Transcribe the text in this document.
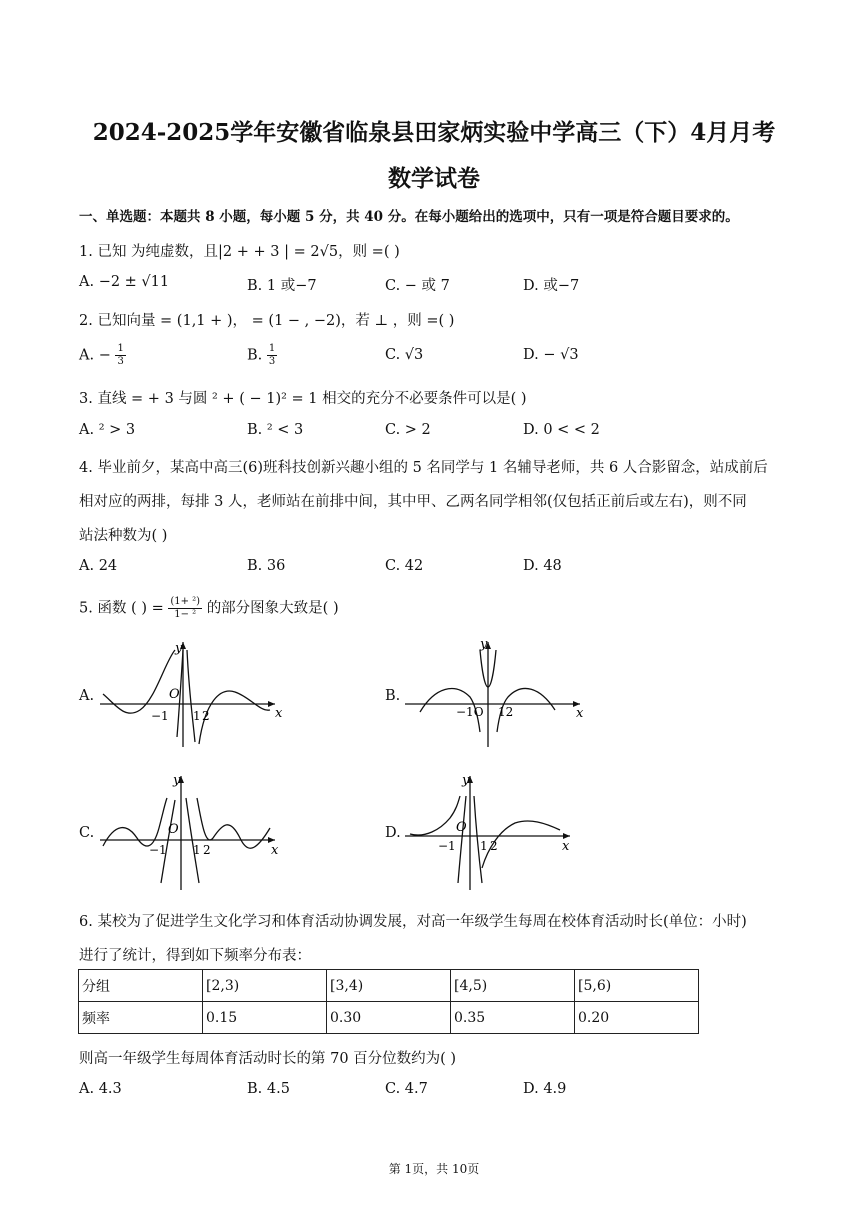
2024-2025学年安徽省临泉县田家炳实验中学高三（下）4月月考
数学试卷
一、单选题：本题共 8 小题，每小题 5 分，共 40 分。在每小题给出的选项中，只有一项是符合题目要求的。
1. 已知 为纯虚数，且|2 + + 3 | = 2√5，则 =( )
A. −2 ± √11	B. 1 或−7	C. − 或 7	D. 或−7
2. 已知向量 = (1,1 + )， = (1 − , −2)，若 ⊥ ，则 =( )
A. − $\frac{1}{3}$	B. $\frac{1}{3}$	C. √3	D. − √3
3. 直线 = + 3 与圆 ² + ( − 1)² = 1 相交的充分不必要条件可以是( )
A. ² > 3	B. ² < 3	C. > 2	D. 0 < < 2
4. 毕业前夕，某高中高三(6)班科技创新兴趣小组的 5 名同学与 1 名辅导老师，共 6 人合影留念，站成前后
相对应的两排，每排 3 人，老师站在前排中间，其中甲、乙两名同学相邻(仅包括正前后或左右)，则不同
站法种数为( )
A. 24	B. 36	C. 42	D. 48
5. 函数 ( ) = $\frac{\text{(1+ ²)}}{\text{1− ²}}$ 的部分图象大致是( )
A.
y
x
O
−1 1 2
B.
y
x
−1O 12
C.
y
x
O
−1 1 2
D.
y
x
O
−1 1 2
6. 某校为了促进学生文化学习和体育活动协调发展，对高一年级学生每周在校体育活动时长(单位：小时)
进行了统计，得到如下频率分布表：
分组	[2,3)	[3,4)	[4,5)	[5,6)
频率	0.15	0.30	0.35	0.20
则高一年级学生每周体育活动时长的第 70 百分位数约为( )
A. 4.3	B. 4.5	C. 4.7	D. 4.9
第 1页，共 10页
